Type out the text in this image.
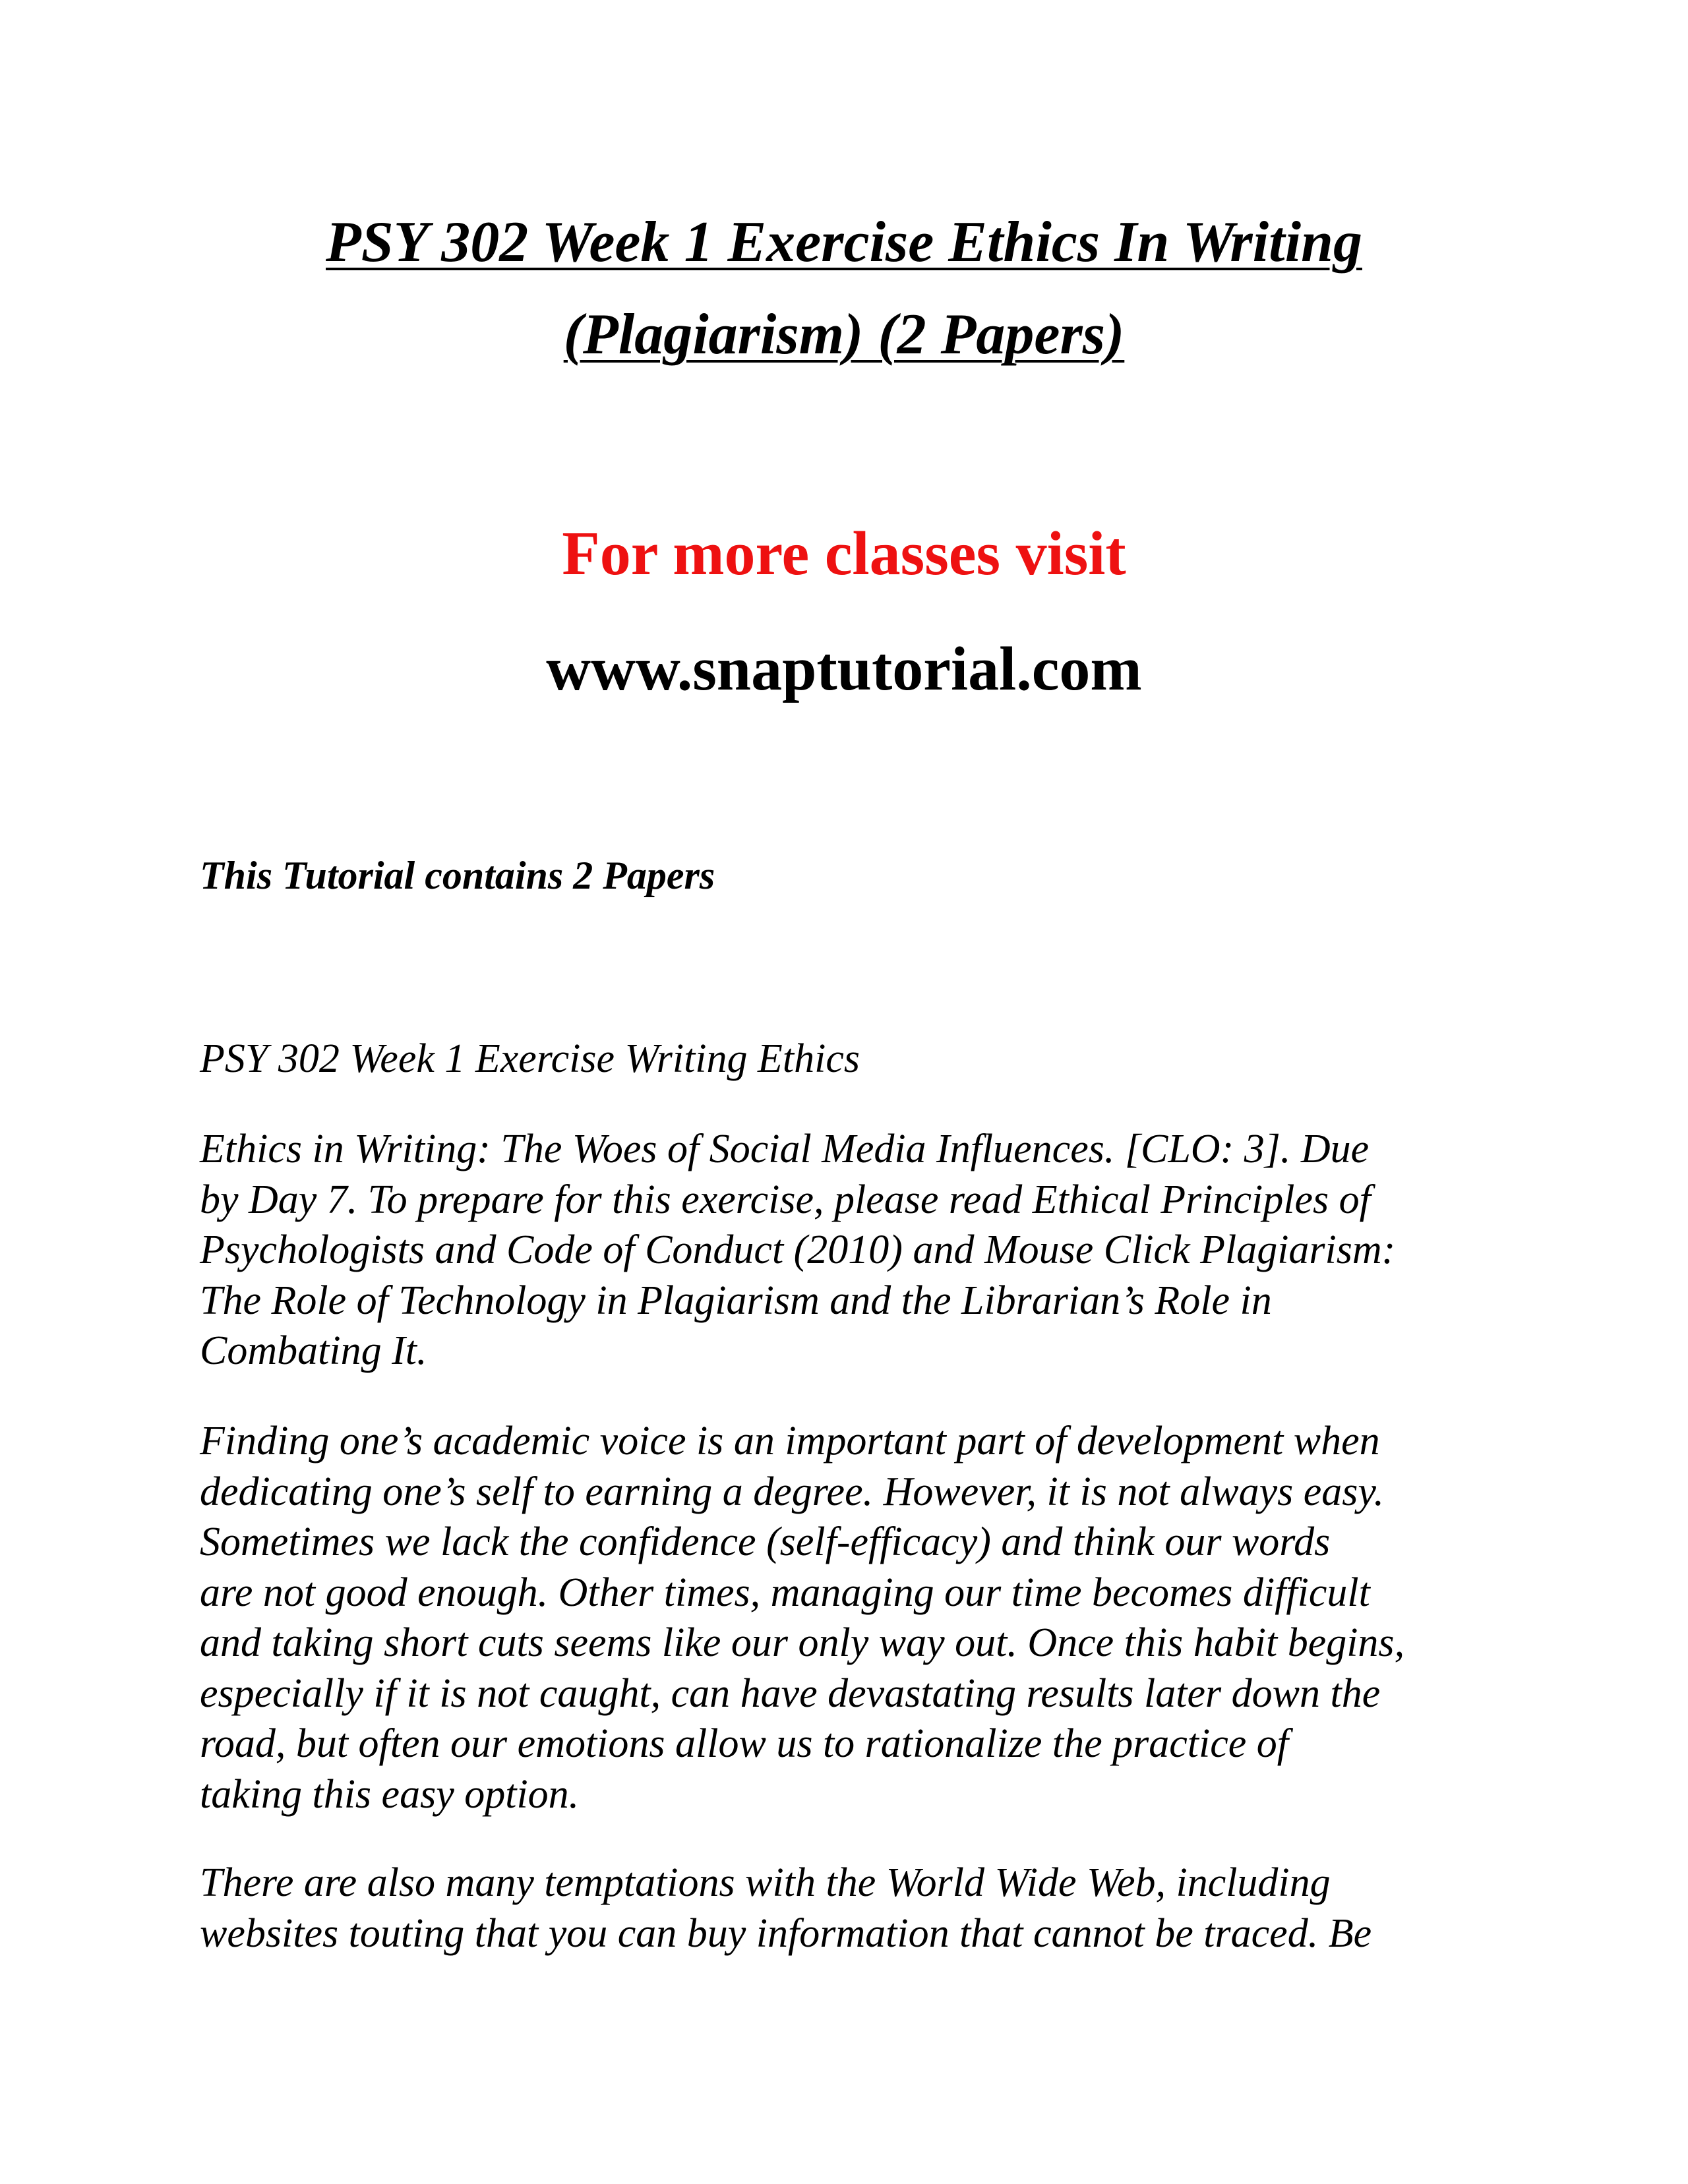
PSY 302 Week 1 Exercise Ethics In Writing
(Plagiarism) (2 Papers)

For more classes visit

www.snaptutorial.com

This Tutorial contains 2 Papers

PSY 302 Week 1 Exercise Writing Ethics

Ethics in Writing: The Woes of Social Media Influences. [CLO: 3]. Due
by Day 7. To prepare for this exercise, please read Ethical Principles of
Psychologists and Code of Conduct (2010) and Mouse Click Plagiarism:
The Role of Technology in Plagiarism and the Librarian’s Role in
Combating It.

Finding one’s academic voice is an important part of development when
dedicating one’s self to earning a degree. However, it is not always easy.
Sometimes we lack the confidence (self-efficacy) and think our words
are not good enough. Other times, managing our time becomes difficult
and taking short cuts seems like our only way out. Once this habit begins,
especially if it is not caught, can have devastating results later down the
road, but often our emotions allow us to rationalize the practice of
taking this easy option.

There are also many temptations with the World Wide Web, including
websites touting that you can buy information that cannot be traced. Be
